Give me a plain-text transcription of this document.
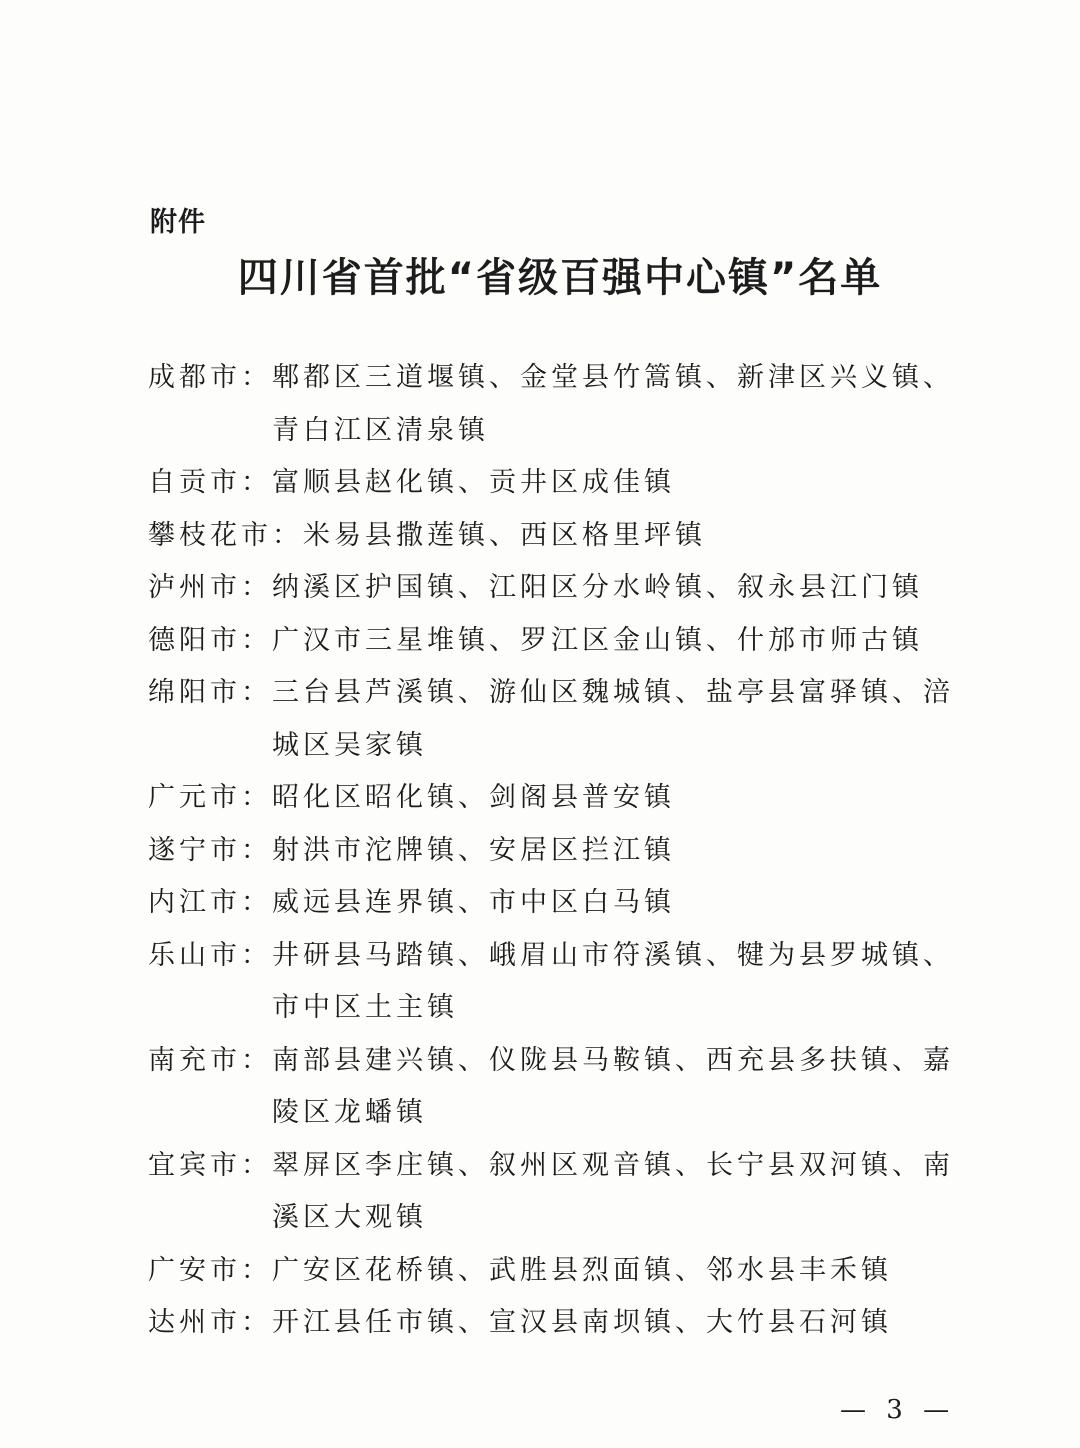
附件
四川省首批“省级百强中心镇”名单
成都市： 郫都区三道堰镇、金堂县竹篙镇、新津区兴义镇、青白江区清泉镇
自贡市： 富顺县赵化镇、贡井区成佳镇
攀枝花市： 米易县撒莲镇、西区格里坪镇
泸州市： 纳溪区护国镇、江阳区分水岭镇、叙永县江门镇
德阳市： 广汉市三星堆镇、罗江区金山镇、什邡市师古镇
绵阳市： 三台县芦溪镇、游仙区魏城镇、盐亭县富驿镇、涪城区吴家镇
广元市： 昭化区昭化镇、剑阁县普安镇
遂宁市： 射洪市沱牌镇、安居区拦江镇
内江市： 威远县连界镇、市中区白马镇
乐山市： 井研县马踏镇、峨眉山市符溪镇、犍为县罗城镇、市中区土主镇
南充市： 南部县建兴镇、仪陇县马鞍镇、西充县多扶镇、嘉陵区龙蟠镇
宜宾市： 翠屏区李庄镇、叙州区观音镇、长宁县双河镇、南溪区大观镇
广安市： 广安区花桥镇、武胜县烈面镇、邻水县丰禾镇
达州市： 开江县任市镇、宣汉县南坝镇、大竹县石河镇
— 3 —
